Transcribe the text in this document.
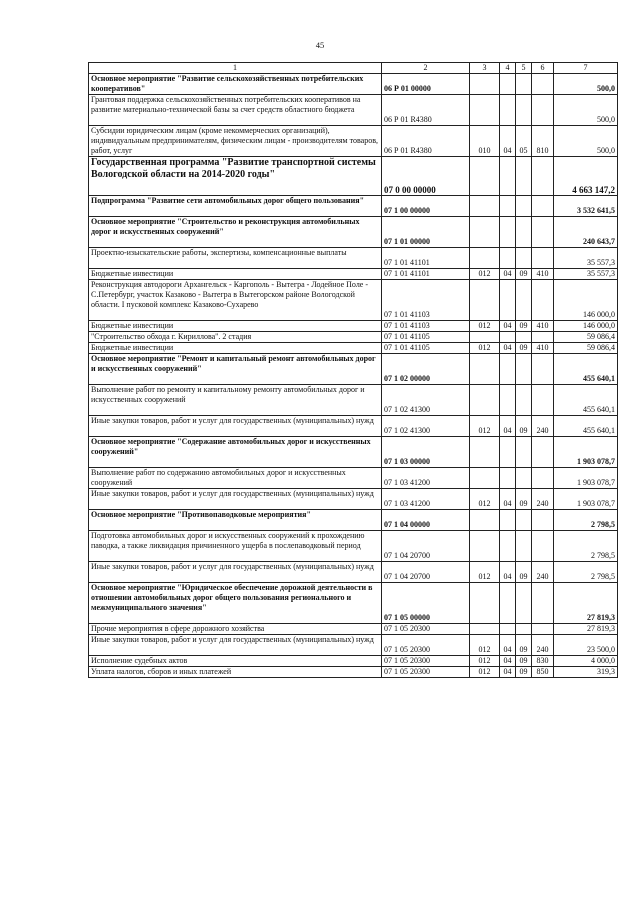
45
1	2	3	4	5	6	7
Основное мероприятие "Развитие сельскохозяйственных потребительских кооперативов"	06 Р 01 00000					500,0
Грантовая поддержка сельскохозяйственных потребительских кооперативов на развитие материально-технической базы за счет средств областного бюджета	06 Р 01 R4380					500,0
Субсидии юридическим лицам (кроме некоммерческих организаций), индивидуальным предпринимателям, физическим лицам - производителям товаров, работ, услуг	06 Р 01 R4380	010	04	05	810	500,0
Государственная программа "Развитие транспортной системы Вологодской области на 2014-2020 годы"	07 0 00 00000					4 663 147,2
Подпрограмма "Развитие сети автомобильных дорог общего пользования"	07 1 00 00000					3 532 641,5
Основное мероприятие "Строительство и реконструкция автомобильных дорог и искусственных сооружений"	07 1 01 00000					240 643,7
Проектно-изыскательские работы, экспертизы, компенсационные выплаты	07 1 01 41101					35 557,3
Бюджетные инвестиции	07 1 01 41101	012	04	09	410	35 557,3
Реконструкция автодороги Архангельск - Каргополь - Вытегра - Лодейное Поле - С.Петербург, участок Казаково - Вытегра в Вытегорском районе Вологодской области. I пусковой комплекс Казаково-Сухарево	07 1 01 41103					146 000,0
Бюджетные инвестиции	07 1 01 41103	012	04	09	410	146 000,0
"Строительство обхода г. Кириллова". 2 стадия	07 1 01 41105					59 086,4
Бюджетные инвестиции	07 1 01 41105	012	04	09	410	59 086,4
Основное мероприятие "Ремонт и капитальный ремонт автомобильных дорог и искусственных сооружений"	07 1 02 00000					455 640,1
Выполнение работ по ремонту и капитальному ремонту автомобильных дорог и искусственных сооружений	07 1 02 41300					455 640,1
Иные закупки товаров, работ и услуг для государственных (муниципальных) нужд	07 1 02 41300	012	04	09	240	455 640,1
Основное мероприятие "Содержание автомобильных дорог и искусственных сооружений"	07 1 03 00000					1 903 078,7
Выполнение работ по содержанию автомобильных дорог и искусственных сооружений	07 1 03 41200					1 903 078,7
Иные закупки товаров, работ и услуг для государственных (муниципальных) нужд	07 1 03 41200	012	04	09	240	1 903 078,7
Основное мероприятие "Противопаводковые мероприятия"	07 1 04 00000					2 798,5
Подготовка автомобильных дорог и искусственных сооружений к прохождению паводка, а также ликвидация причиненного ущерба в послепаводковый период	07 1 04 20700					2 798,5
Иные закупки товаров, работ и услуг для государственных (муниципальных) нужд	07 1 04 20700	012	04	09	240	2 798,5
Основное мероприятие "Юридическое обеспечение дорожной деятельности в отношении автомобильных дорог общего пользования регионального и межмуниципального значения"	07 1 05 00000					27 819,3
Прочие мероприятия в сфере дорожного хозяйства	07 1 05 20300					27 819,3
Иные закупки товаров, работ и услуг для государственных (муниципальных) нужд	07 1 05 20300	012	04	09	240	23 500,0
Исполнение судебных актов	07 1 05 20300	012	04	09	830	4 000,0
Уплата налогов, сборов и иных платежей	07 1 05 20300	012	04	09	850	319,3
